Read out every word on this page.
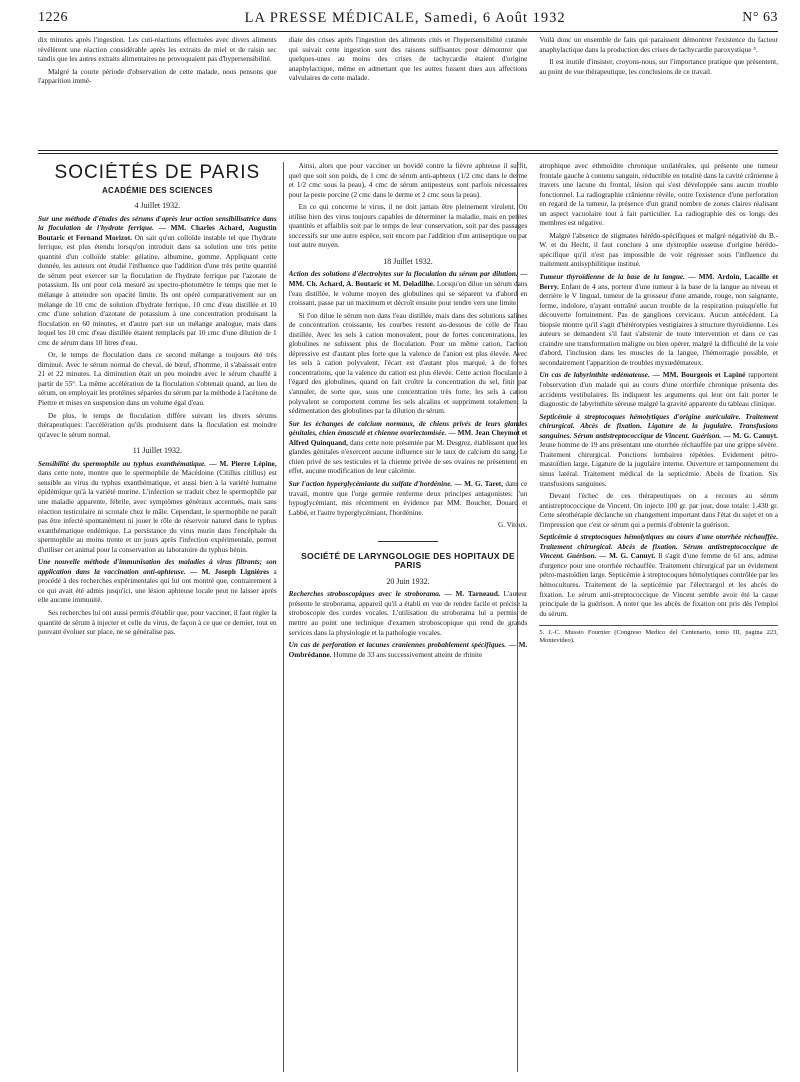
1226	LA PRESSE MÉDICALE, Samedi, 6 Août 1932	N° 63

dix minutes après l'ingestion. Les cuti-réactions effectuées avec divers aliments révélèrent une réaction considérable après les extraits de miel et de raisin sec tandis que les autres extraits alimentaires ne provoquaient pas d'hypersensibilité.

Malgré la courte période d'observation de cette malade, nous pensons que l'apparition immé-

diate des crises après l'ingestion des aliments cités et l'hypersensibilité cutanée qui suivait cette ingestion sont des raisons suffisantes pour démontrer que quelques-unes au moins des crises de tachycardie étaient d'origine anaphylactique, même en admettant que les autres fussent dues aux affections valvulaires de cette malade.

Voilà donc un ensemble de faits qui paraissent démontrer l'existence du facteur anaphylactique dans la production des crises de tachycardie paroxystique ⁵.

Il est inutile d'insister, croyons-nous, sur l'importance pratique que présentent, au point de vue thérapeutique, les conclusions de ce travail.

SOCIÉTÉS DE PARIS
ACADÉMIE DES SCIENCES
4 Juillet 1932.

Sur une méthode d'études des sérums d'après leur action sensibilisatrice dans la floculation de l'hydrate ferrique. — MM. Charles Achard, Augustin Boutaric et Fernand Morizot. On sait qu'un colloïde instable tel que l'hydrate ferrique, est plus étendu lorsqu'on introduit dans sa solution une très petite quantité d'un colloïde stable: gélatine, albumine, gomme. Appliquant cette donnée, les auteurs ont étudié l'influence que l'addition d'une très petite quantité de sérum peut exercer sur la floculation de l'hydrate ferrique par l'azotate de potassium. Ils ont pour cela mesuré au spectro-photomètre le temps que met le mélange à atteindre son opacité limite. Ils ont opéré comparativement sur un mélange de 10 cmc de solution d'hydrate ferrique, 10 cmc d'eau distillée et 10 cmc d'une solution d'azotate de potassium à une concentration produisant la floculation en 60 minutes, et d'autre part sur un mélange analogue, mais dans lequel les 10 cmc d'eau distillée étaient remplacés par 10 cmc d'une dilution de 1 cmc de sérum dans 10 litres d'eau.

Or, le temps de floculation dans ce second mélange a toujours été très diminué. Avec le sérum normal de cheval, de bœuf, d'homme, il s'abaissait entre 21 et 22 minutes. La diminution était un peu moindre avec le sérum chauffé à partir de 55°. La même accélération de la floculation s'obtenait quand, au lieu de sérum, on employait les protéines séparées du sérum par la méthode à l'acétone de Piettre et mises en suspension dans un volume égal d'eau.

De plus, le temps de floculation diffère suivant les divers sérums thérapeutiques: l'accélération qu'ils produisent dans la floculation est moindre qu'avec le sérum normal.

11 Juillet 1932.

Sensibilité du spermophile au typhus exanthématique. — M. Pierre Lépine, dans cette note, montre que le spermophile de Macédoine (Citillus citillus) est sensible au virus du typhus exanthématique, et aussi bien à la variété humaine épidémique qu'à la variété murine. L'infection se traduit chez le spermophile par une maladie apparente, fébrile, avec symptômes généraux accentués, mais sans réaction testiculaire ni scrotale chez le mâle. Cependant, le spermophile ne paraît pas être infecté spontanément ni jouer le rôle de réservoir naturel dans le typhus exanthématique endémique. La persistance du virus murin dans l'encéphale du spermophile au moins trente et un jours après l'infection expérimentale, permet d'utiliser cet animal pour la conservation au laboratoire du typhus bénin.

Une nouvelle méthode d'immunisation des maladies à virus filtrants; son application dans la vaccination anti-aphteuse. — M. Joseph Lignières a procédé à des recherches expérimentales qui lui ont montré que, contrairement à ce qui avait été admis jusqu'ici, une lésion aphteuse locale peut ne laisser après elle aucune immunité.

Ses recherches lui ont aussi permis d'établir que, pour vacciner, il faut régler la quantité de sérum à injecter et celle du virus, de façon à ce que ce dernier, tout en pouvant évoluer sur place, ne se généralise pas.

Ainsi, alors que pour vacciner un bovidé contre la fièvre aphteuse il suffit, quel que soit son poids, de 1 cmc de sérum anti-aphteux (1/2 cmc dans le derme et 1/2 cmc sous la peau), 4 cmc de sérum antipesteux sont parfois nécessaires pour la peste porcine (2 cmc dans le derme et 2 cmc sous la peau).

En ce qui concerne le virus, il ne doit jamais être pleinement virulent. On utilise bien des virus toujours capables de déterminer la maladie, mais en petites quantités et affaiblis soit par le temps de leur conservation, soit par des passages successifs sur une autre espèce, soit encore par l'addition d'un antiseptique ou par tout autre moyen.

18 Juillet 1932.

Action des solutions d'électrolytes sur la floculation du sérum par dilution. — MM. Ch. Achard, A. Boutaric et M. Doladilhe. Lorsqu'on dilue un sérum dans l'eau distillée, le volume moyen des globulines qui se séparent va d'abord en croissant, passe par un maximum et décroît ensuite pour tendre vers une limite.

Si l'on dilue le sérum non dans l'eau distillée, mais dans des solutions salines de concentration croissante, les courbes restent au-dessous de celle de l'eau distillée. Avec les sels à cation monovalent, pour de fortes concentrations, les globulines ne subissent plus de floculation. Pour un même cation, l'action dépressive est d'autant plus forte que la valence de l'anion est plus élevée. Avec les sels à cation polyvalent, l'écart est d'autant plus marqué, à de fortes concentrations, que la valence du cation est plus élevée. Cette action floculante à l'égard des globulines, quand on fait croître la concentration du sel, finit par s'annuler, de sorte que, sous une concentration très forte, les sels à cation polyvalent se comportent comme les sels alcalins et suppriment totalement la sédimentation des globulines par la dilution du sérum.

Sur les échanges de calcium normaux, de chiens privés de leurs glandes génitales, chien émasculé et chienne ovariectomisée. — MM. Jean Cheymot et Alfred Quinquand, dans cette note présentée par M. Desgrez, établissent que les glandes génitales n'exercent aucune influence sur le taux de calcium du sang. Le chien privé de ses testicules et la chienne privée de ses ovaires ne présentent, en effet, aucune modification de leur calcémie.

Sur l'action hyperglycémiante du sulfate d'hordénine. — M. G. Taret, dans ce travail, montre que l'orge germée renferme deux principes antagonistes: l'un hypoglycémiant, mis récemment en évidence par MM. Boucher, Douard et Labbé, et l'autre hyperglycémiant, l'hordénine.

G. Vitoux.
SOCIÉTÉ DE LARYNGOLOGIE DES HOPITAUX DE PARIS
20 Juin 1932.

Recherches stroboscopiques avec le stroborama. — M. Tarneaud. L'auteur présente le stroborama, appareil qu'il a établi en vue de rendre facile et précise la stroboscopie des cordes vocales. L'utilisation du stroborama lui a permis de mettre au point une technique d'examen stroboscopique qui rend de grands services dans la physiologie et la pathologie vocales.

Un cas de perforation et lacunes craniennes probablement spécifiques. — M. Ombrédanne. Homme de 33 ans successivement atteint de rhinite

atrophique avec ethmoïdite chronique unilatérales, qui présente une tumeur frontale gauche à contenu sanguin, réductible en totalité dans la cavité crânienne à travers une lacune du frontal, lésion qui s'est développée sans aucun trouble fonctionnel. La radiographie crânienne révèle, outre l'existence d'une perforation en regard de la tumeur, la présence d'un grand nombre de zones claires réalisant un aspect vacuolaire tout à fait particulier. La radiographie des os longs des membres est négative.

Malgré l'absence de stigmates hérédo-spécifiques et malgré négativité du B.-W. et du Hecht, il faut conclure à une dystrophie osseuse d'origine hérédo-spécifique qu'il n'est pas impossible de voir régresser sous l'influence du traitement antisyphilitique institué.

Tumeur thyroïdienne de la base de la langue. — MM. Ardoin, Lacaille et Berry. Enfant de 4 ans, porteur d'une tumeur à la base de la langue au niveau et derrière le V lingual, tumeur de la grosseur d'une amande, rouge, non saignante, ferme, indolore, n'ayant entraîné aucun trouble de la respiration puisqu'elle fut découverte fortuitement. Pas de ganglions cervicaux. Aucun antécédent. La biopsie montre qu'il s'agit d'hétérotypies vestigiaires à structure thyroïdienne. Les auteurs se demandent s'il faut s'abstenir de toute intervention et dans ce cas craindre une transformation maligne ou bien opérer, malgré la difficulté de la voie d'abord, l'inclusion dans les muscles de la langue, l'hémorragie possible, et secondairement l'apparition de troubles myxœdémateux.

Un cas de labyrinthite œdémateuse. — MM. Bourgeois et Lapiné rapportent l'observation d'un malade qui au cours d'une otorrhée chronique présenta des accidents vestibulaires. Ils indiquent les arguments qui leur ont fait porter le diagnostic de labyrinthite séreuse malgré la gravité apparente du tableau clinique.

Septicémie à streptocoques hémolytiques d'origine auriculaire. Traitement chirurgical. Abcès de fixation. Ligature de la jugulaire. Transfusions sanguines. Sérum antistreptococcique de Vincent. Guérison. — M. G. Canuyt. Jeune homme de 19 ans présentant une otorrhée réchauffée par une grippe sévère. Traitement chirurgical. Ponctions lombaires répétées. Evidement pétro-mastoïdien large. Ligature de la jugulaire interne. Ouverture et tamponnement du sinus latéral. Traitement médical de la septicémie. Abcès de fixation. Six transfusions sanguines.

Devant l'échec de ces thérapeutiques on a recours au sérum antistreptococcique de Vincent. On injecte 100 gr. par jour, dose totale: 1.430 gr. Cette sérothérapie déclanche un changement important dans l'état du sujet et on a l'impression que c'est ce sérum qui a permis d'obtenir la guérison.

Septicémie à streptocoques hémolytiques au cours d'une otorrhée réchauffée. Traitement chirurgical. Abcès de fixation. Sérum antistreptococcique de Vincent. Guérison. — M. G. Canuyt. Il s'agit d'une femme de 61 ans, admise d'urgence pour une otorrhée réchauffée. Traitement chirurgical par un évidement pétro-mastoïdien large. Septicémie à streptocoques hémolytiques contrôlée par les hémocultures. Traitement de la septicémie par l'électrargol et les abcès de fixation. Le sérum anti-streptococcique de Vincent semble avoir été la cause principale de la guérison. A noter que les abcès de fixation ont pris dès l'emploi du sérum.

5. J.-C. Mussio Fournier (Congreso Medico del Centenario, tomo III, pagina 223, Montevideo).
